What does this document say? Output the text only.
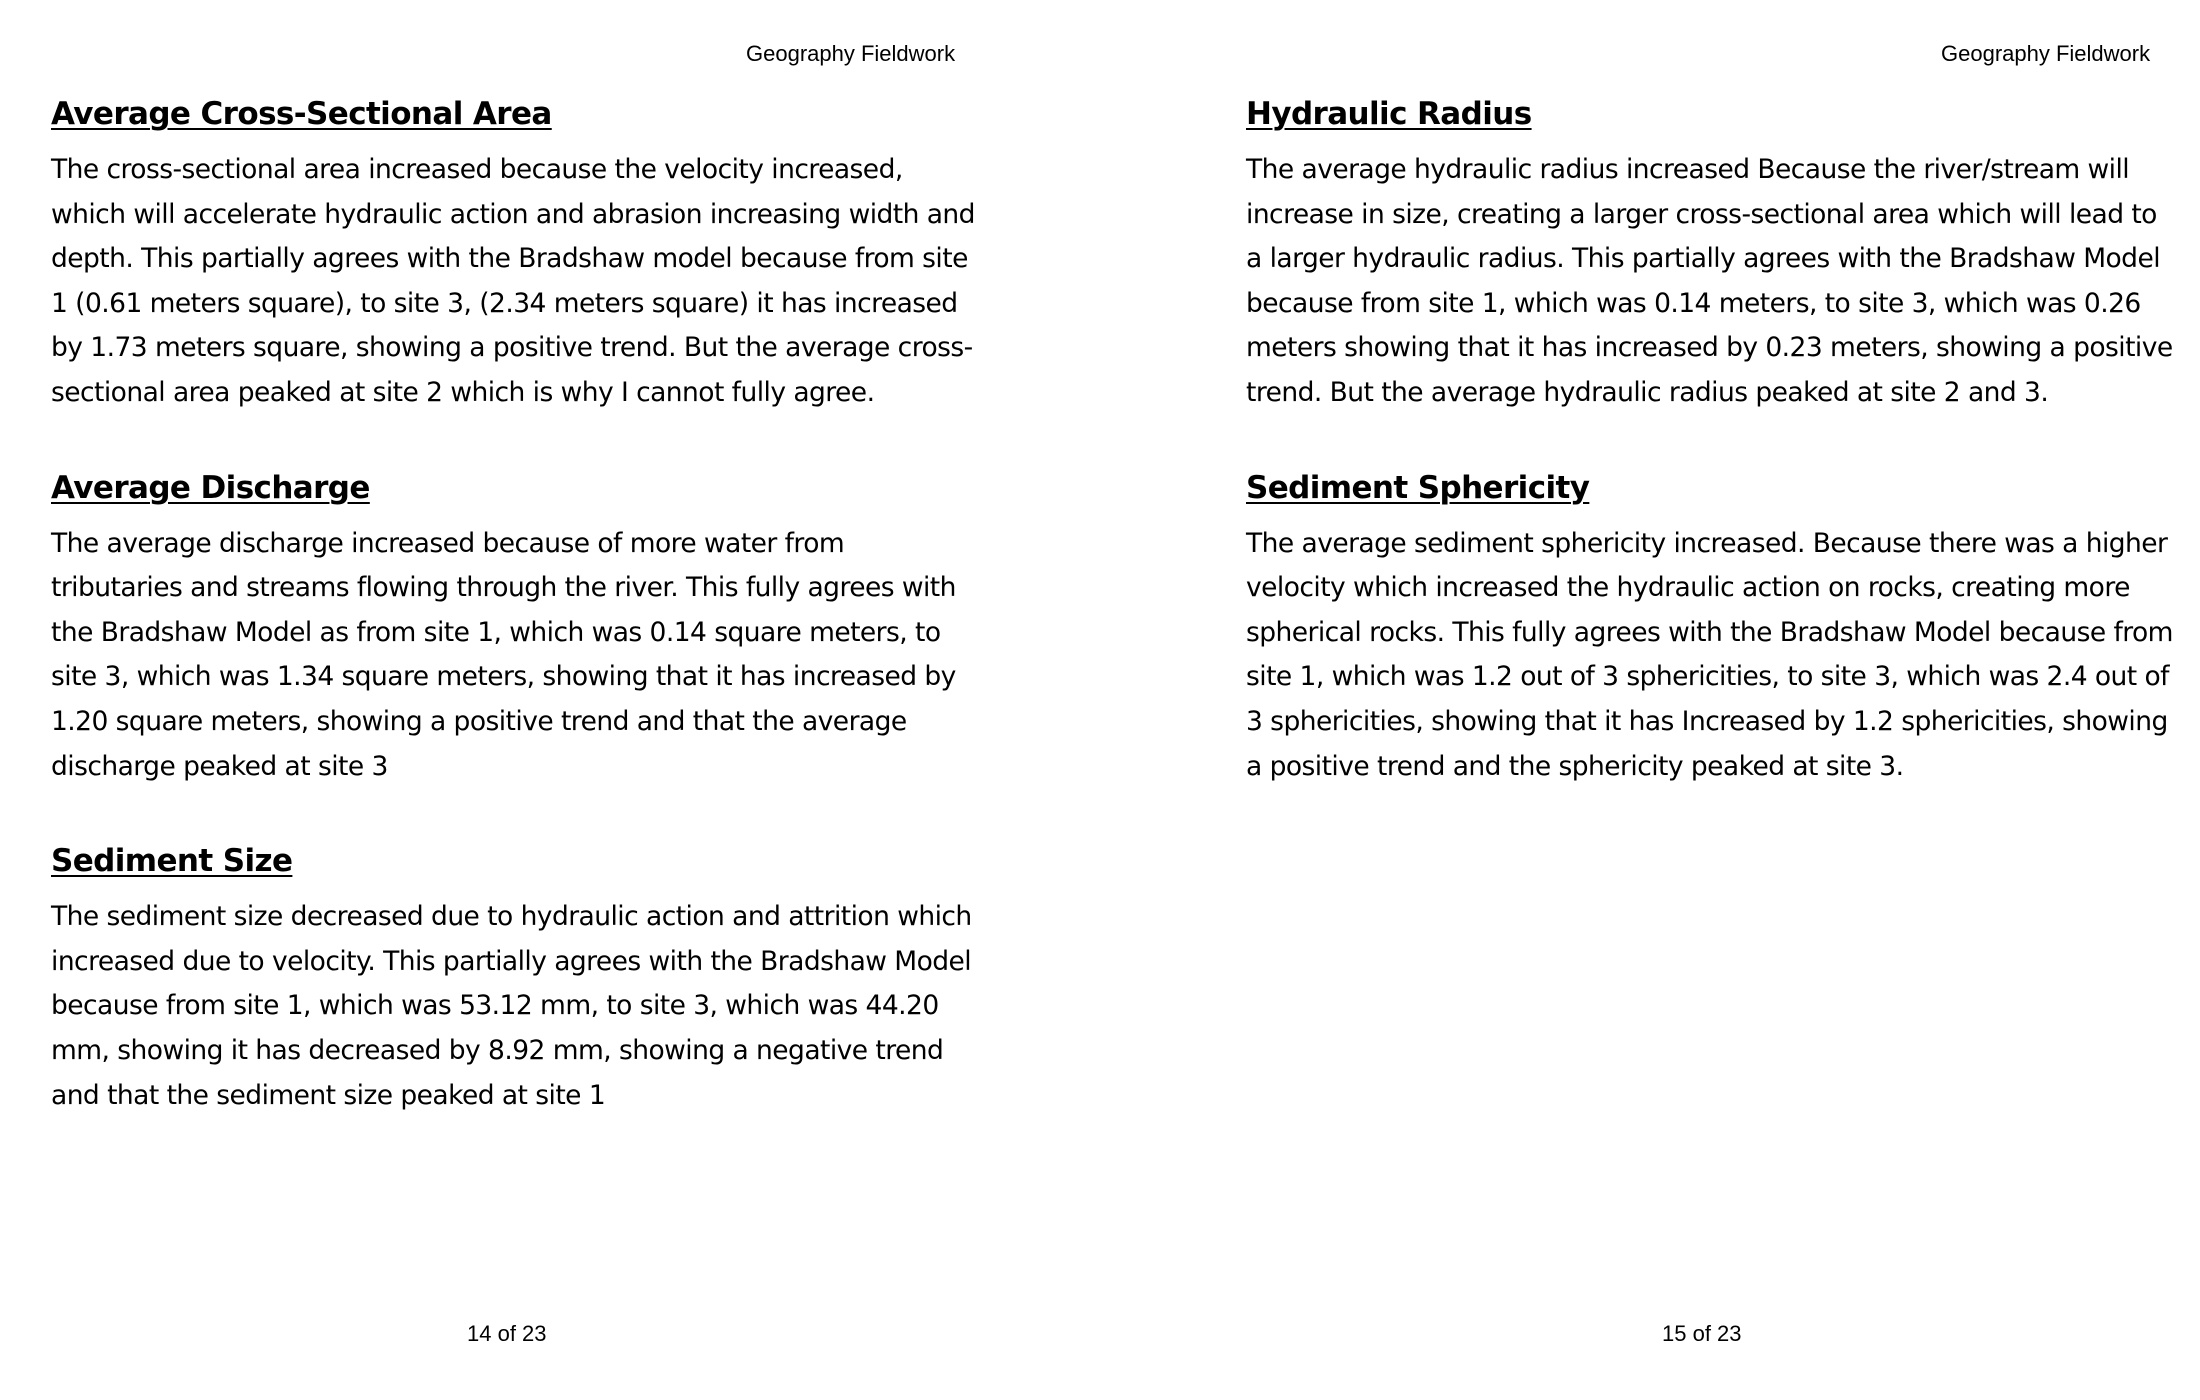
Geography Fieldwork
Average Cross-Sectional Area

The cross-sectional area increased because the velocity increased, which will accelerate hydraulic action and abrasion increasing width and depth. This partially agrees with the Bradshaw model because from site 1 (0.61 meters square), to site 3, (2.34 meters square) it has increased by 1.73 meters square, showing a positive trend. But the average cross-sectional area peaked at site 2 which is why I cannot fully agree.

Average Discharge

The average discharge increased because of more water from tributaries and streams flowing through the river. This fully agrees with the Bradshaw Model as from site 1, which was 0.14 square meters, to site 3, which was 1.34 square meters, showing that it has increased by 1.20 square meters, showing a positive trend and that the average discharge peaked at site 3

Sediment Size

The sediment size decreased due to hydraulic action and attrition which increased due to velocity. This partially agrees with the Bradshaw Model because from site 1, which was 53.12 mm, to site 3, which was 44.20 mm, showing it has decreased by 8.92 mm, showing a negative trend and that the sediment size peaked at site 1

14 of 23
Geography Fieldwork
Hydraulic Radius

The average hydraulic radius increased Because the river/stream will increase in size, creating a larger cross-sectional area which will lead to a larger hydraulic radius. This partially agrees with the Bradshaw Model because from site 1, which was 0.14 meters, to site 3, which was 0.26 meters showing that it has increased by 0.23 meters, showing a positive trend. But the average hydraulic radius peaked at site 2 and 3.

Sediment Sphericity

The average sediment sphericity increased. Because there was a higher velocity which increased the hydraulic action on rocks, creating more spherical rocks. This fully agrees with the Bradshaw Model because from site 1, which was 1.2 out of 3 sphericities, to site 3, which was 2.4 out of 3 sphericities, showing that it has Increased by 1.2 sphericities, showing a positive trend and the sphericity peaked at site 3.

15 of 23
